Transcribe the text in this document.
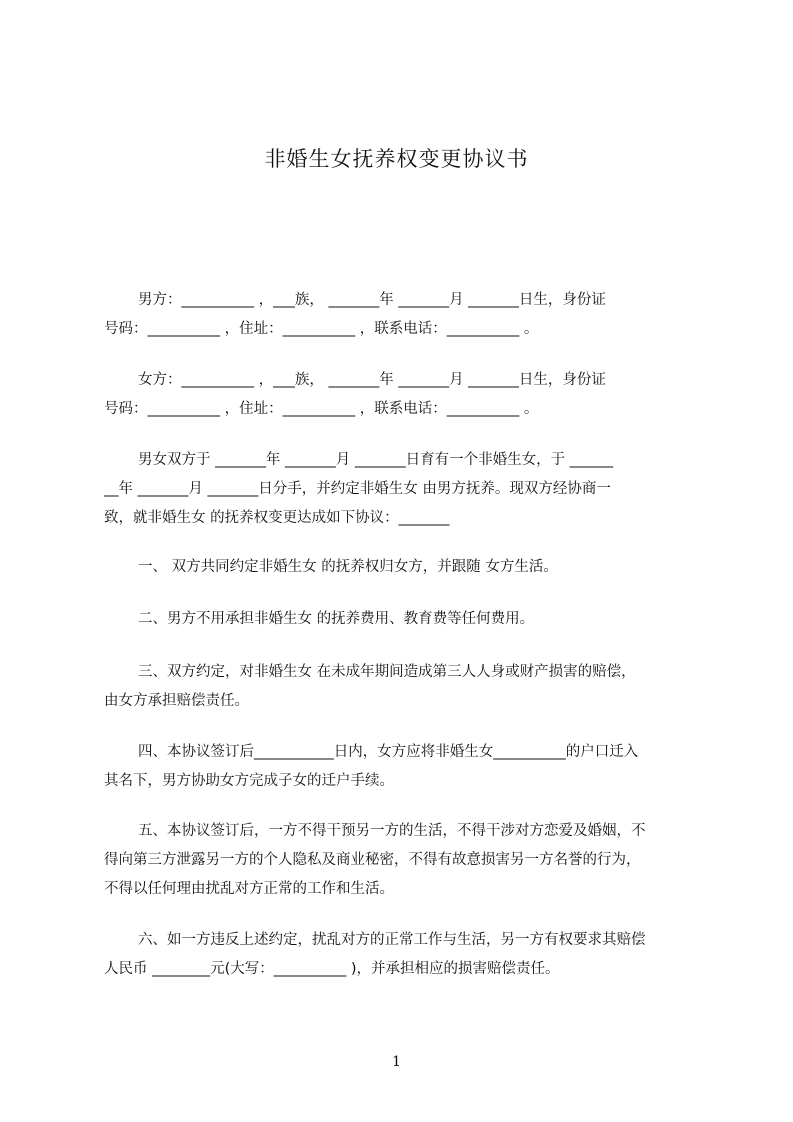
非婚生女抚养权变更协议书

男方：__________ ，___族， _______年 _______月 _______日生，身份证

号码：__________ ，住址：__________ ，联系电话：__________ 。

女方：__________ ，___族， _______年 _______月 _______日生，身份证

号码：__________ ，住址：__________ ，联系电话：__________ 。

男女双方于 _______年 _______月 _______日育有一个非婚生女，于 ______

__年 _______月 _______日分手，并约定非婚生女 由男方抚养。现双方经协商一

致，就非婚生女 的抚养权变更达成如下协议：_______

一、 双方共同约定非婚生女 的抚养权归女方，并跟随 女方生活。

二、男方不用承担非婚生女 的抚养费用、教育费等任何费用。

三、双方约定，对非婚生女 在未成年期间造成第三人人身或财产损害的赔偿，

由女方承担赔偿责任。

四、本协议签订后___________日内，女方应将非婚生女__________的户口迁入

其名下，男方协助女方完成子女的迁户手续。

五、本协议签订后，一方不得干预另一方的生活，不得干涉对方恋爱及婚姻，不

得向第三方泄露另一方的个人隐私及商业秘密，不得有故意损害另一方名誉的行为，

不得以任何理由扰乱对方正常的工作和生活。

六、如一方违反上述约定，扰乱对方的正常工作与生活，另一方有权要求其赔偿

人民币 ________元(大写：__________ )，并承担相应的损害赔偿责任。

1
